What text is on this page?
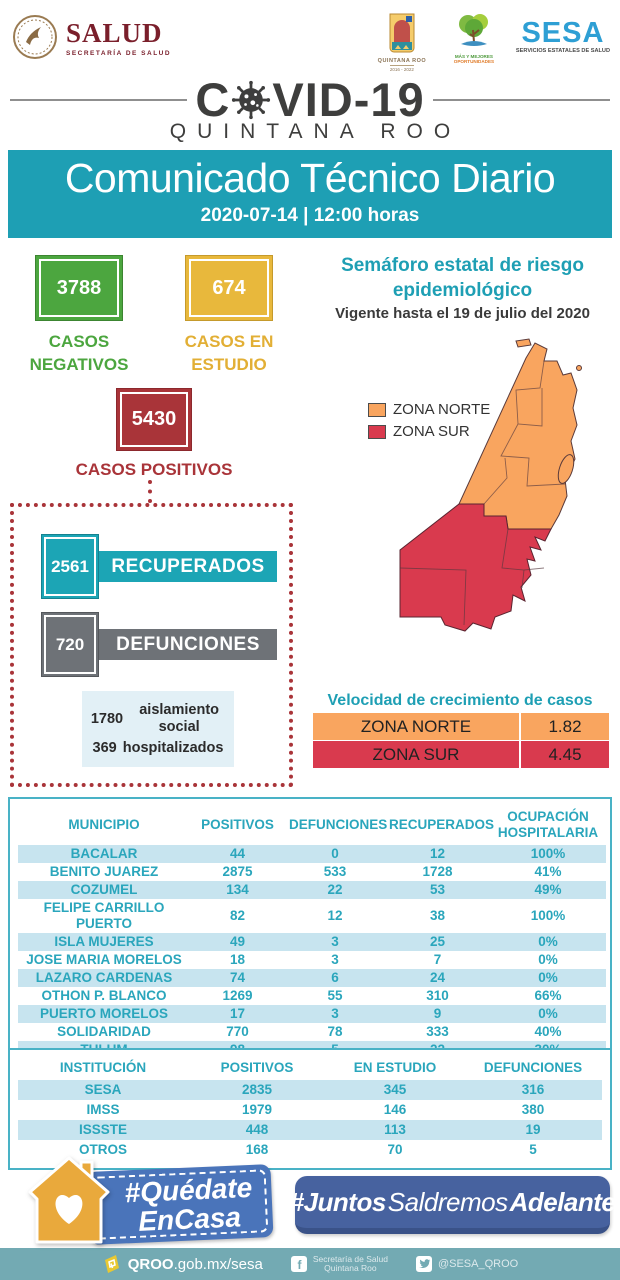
SALUD
SECRETARÍA DE SALUD
QUINTANA ROO
2016 - 2022
MÁS Y MEJORES
OPORTUNIDADES
SESA
SERVICIOS ESTATALES DE SALUD
C VID-19
QUINTANA ROO
Comunicado Técnico Diario
2020-07-14 | 12:00 horas
3788
CASOS NEGATIVOS
674
CASOS EN ESTUDIO
5430
CASOS POSITIVOS
2561	RECUPERADOS
720	DEFUNCIONES
1780
aislamiento social
369 hospitalizados
Semáforo estatal de riesgo epidemiológico
Vigente hasta el 19 de julio del 2020
ZONA NORTE
ZONA SUR
Velocidad de crecimiento de casos
ZONA NORTE	1.82
ZONA SUR	4.45
MUNICIPIO	POSITIVOS	DEFUNCIONES	RECUPERADOS	OCUPACIÓN HOSPITALARIA
BACALAR	44	0	12	100%
BENITO JUAREZ	2875	533	1728	41%
COZUMEL	134	22	53	49%
FELIPE CARRILLO PUERTO	82	12	38	100%
ISLA MUJERES	49	3	25	0%
JOSE MARIA MORELOS	18	3	7	0%
LAZARO CARDENAS	74	6	24	0%
OTHON P. BLANCO	1269	55	310	66%
PUERTO MORELOS	17	3	9	0%
SOLIDARIDAD	770	78	333	40%

INSTITUCIÓN	POSITIVOS	EN ESTUDIO	DEFUNCIONES
SESA	2835	345	316
IMSS	1979	146	380
ISSSTE	448	113	19
OTROS	168	70	5
#Quédate
EnCasa #Juntos Saldremos Adelante
QROO.gob.mx/sesa	f Secretaría de Salud
Quintana Roo	@SESA_QROO
